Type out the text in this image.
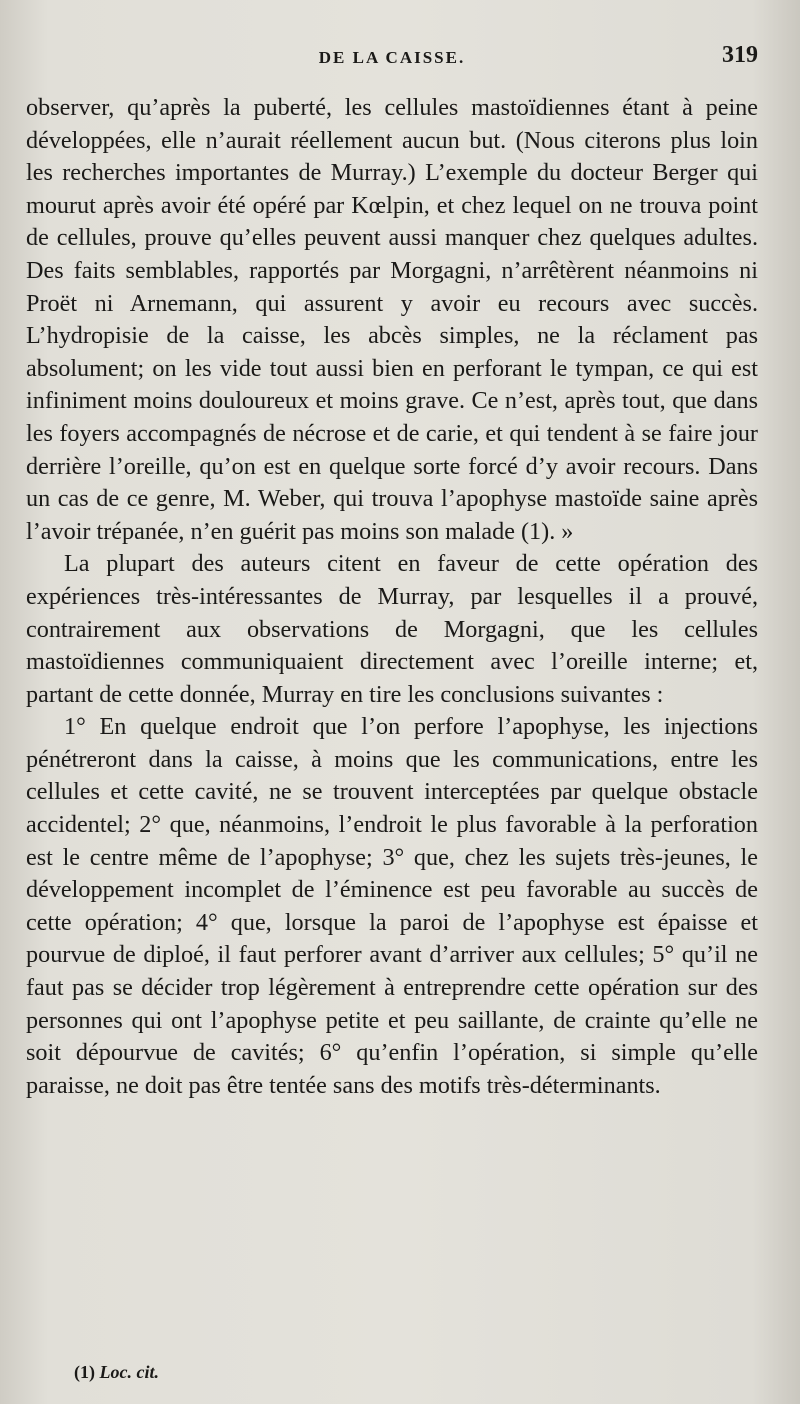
DE LA CAISSE.	319

observer, qu’après la puberté, les cellules mastoïdiennes étant à peine développées, elle n’aurait réellement aucun but. (Nous citerons plus loin les recherches importantes de Murray.) L’exemple du docteur Berger qui mourut après avoir été opéré par Kœlpin, et chez lequel on ne trouva point de cellules, prouve qu’elles peuvent aussi manquer chez quelques adultes. Des faits semblables, rapportés par Morgagni, n’arrêtèrent néanmoins ni Proët ni Arnemann, qui assurent y avoir eu recours avec succès. L’hydropisie de la caisse, les abcès simples, ne la réclament pas absolument; on les vide tout aussi bien en perforant le tympan, ce qui est infiniment moins douloureux et moins grave. Ce n’est, après tout, que dans les foyers accompagnés de nécrose et de carie, et qui tendent à se faire jour derrière l’oreille, qu’on est en quelque sorte forcé d’y avoir recours. Dans un cas de ce genre, M. Weber, qui trouva l’apophyse mastoïde saine après l’avoir trépanée, n’en guérit pas moins son malade (1). »

La plupart des auteurs citent en faveur de cette opération des expériences très-intéressantes de Murray, par lesquelles il a prouvé, contrairement aux observations de Morgagni, que les cellules mastoïdiennes communiquaient directement avec l’oreille interne; et, partant de cette donnée, Murray en tire les conclusions suivantes :

1° En quelque endroit que l’on perfore l’apophyse, les injections pénétreront dans la caisse, à moins que les communications, entre les cellules et cette cavité, ne se trouvent interceptées par quelque obstacle accidentel; 2° que, néanmoins, l’endroit le plus favorable à la perforation est le centre même de l’apophyse; 3° que, chez les sujets très-jeunes, le développement incomplet de l’éminence est peu favorable au succès de cette opération; 4° que, lorsque la paroi de l’apophyse est épaisse et pourvue de diploé, il faut perforer avant d’arriver aux cellules; 5° qu’il ne faut pas se décider trop légèrement à entreprendre cette opération sur des personnes qui ont l’apophyse petite et peu saillante, de crainte qu’elle ne soit dépourvue de cavités; 6° qu’enfin l’opération, si simple qu’elle paraisse, ne doit pas être tentée sans des motifs très-déterminants.

(1) Loc. cit.
